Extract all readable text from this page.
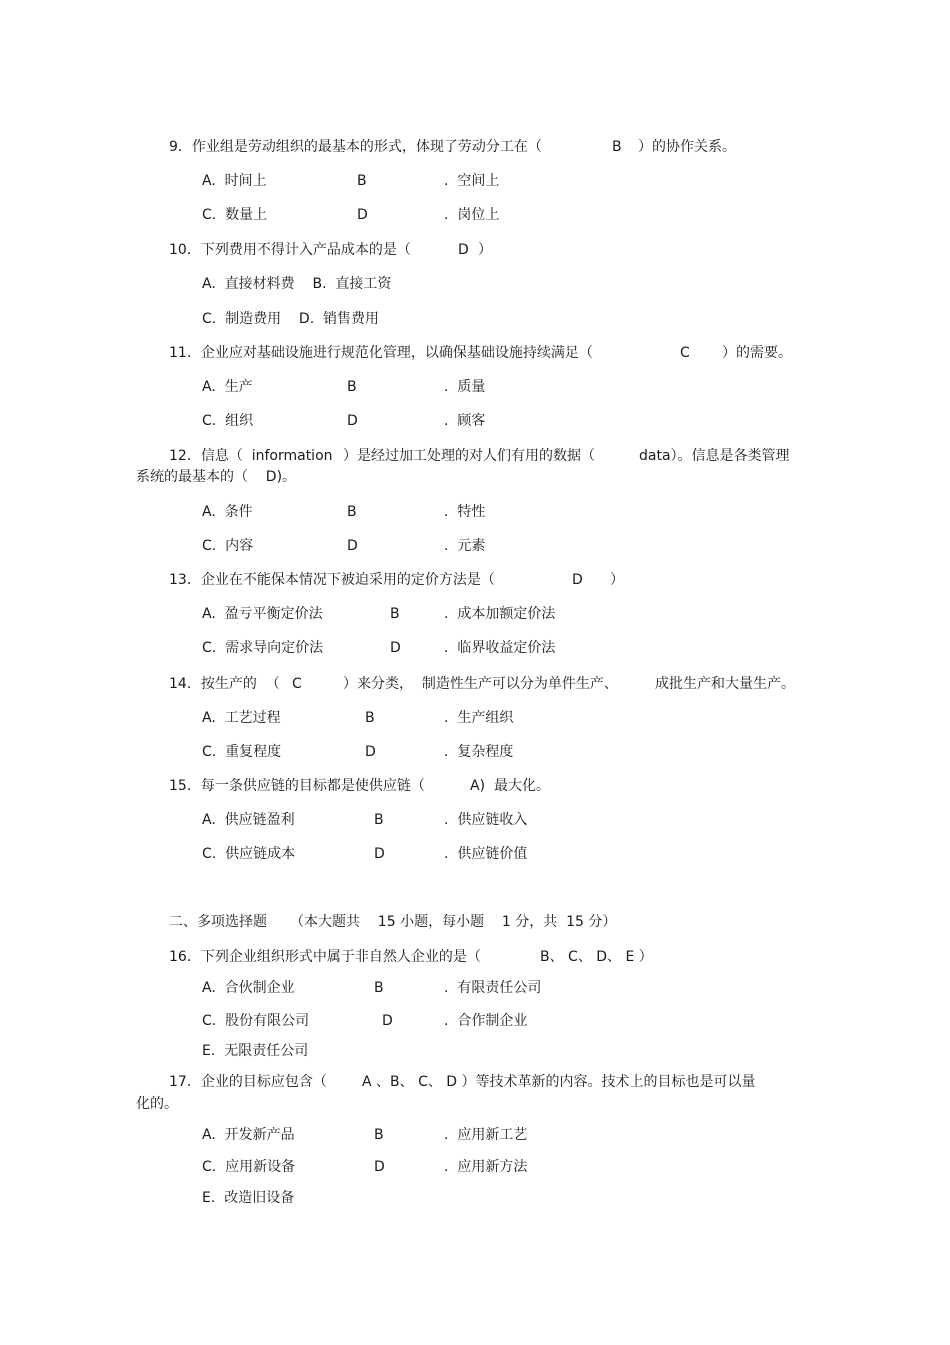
9．作业组是劳动组织的最基本的形式，体现了劳动分工在（	B ）的协作关系。
A.  时间上	B	.  空间上
C.  数量上	D	.  岗位上
10．下列费用不得计入产品成本的是（	D ）
A.  直接材料费    B.  直接工资
C.  制造费用    D.  销售费用
11．企业应对基础设施进行规范化管理，以确保基础设施持续满足（	C ）的需要。
A.  生产	B	.  质量
C.  组织	D	.  顾客
12．信息（  information ）是经过加工处理的对人们有用的数据（	data）。信息是各类管理
系统的最基本的（    D)。
A.  条件	B	.  特性
C.  内容	D	.  元素
13．企业在不能保本情况下被迫采用的定价方法是（	D ）
A.  盈亏平衡定价法	B	.  成本加额定价法
C.  需求导向定价法	D	.  临界收益定价法
14．按生产的  （ C	）来分类，  制造性生产可以分为单件生产、	成批生产和大量生产。
A.  工艺过程	B	.  生产组织
C.  重复程度	D	.  复杂程度
15．每一条供应链的目标都是使供应链（	A) 最大化。
A.  供应链盈利	B	.  供应链收入
C.  供应链成本	D	.  供应链价值
二、多项选择题 （本大题共    15 小题，每小题    1 分，共  15 分）
16．下列企业组织形式中属于非自然人企业的是（	B、 C、 D、 E ）
A.  合伙制企业	B	.  有限责任公司
C.  股份有限公司	D	.  合作制企业
E.  无限责任公司
17．企业的目标应包含（	A 、B、 C、 D ）等技术革新的内容。技术上的目标也是可以量
化的。
A.  开发新产品	B	.  应用新工艺
C.  应用新设备	D	.  应用新方法
E.  改造旧设备
